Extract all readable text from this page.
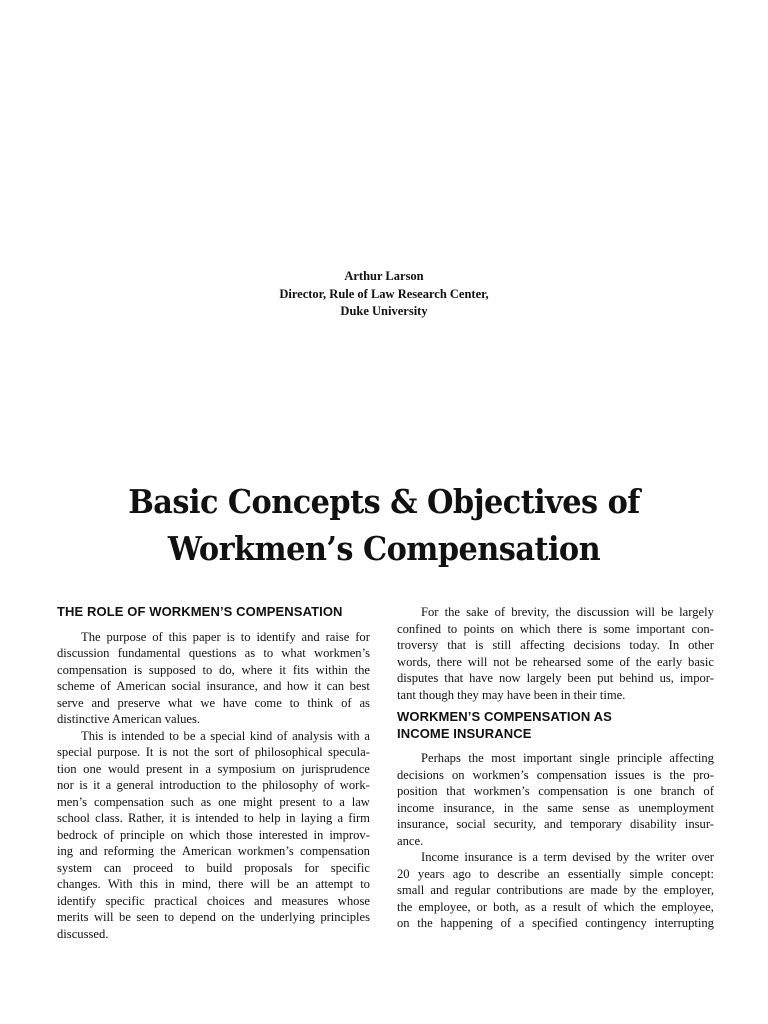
Arthur Larson
Director, Rule of Law Research Center,
Duke University
Basic Concepts & Objectives of
Workmen’s Compensation
THE ROLE OF WORKMEN’S COMPENSATION
The purpose of this paper is to identify and raise for
discussion fundamental questions as to what workmen’s
compensation is supposed to do, where it fits within the
scheme of American social insurance, and how it can best
serve and preserve what we have come to think of as
distinctive American values.
This is intended to be a special kind of analysis with a
special purpose. It is not the sort of philosophical specula-
tion one would present in a symposium on jurisprudence
nor is it a general introduction to the philosophy of work-
men’s compensation such as one might present to a law
school class. Rather, it is intended to help in laying a firm
bedrock of principle on which those interested in improv-
ing and reforming the American workmen’s compensation
system can proceed to build proposals for specific
changes. With this in mind, there will be an attempt to
identify specific practical choices and measures whose
merits will be seen to depend on the underlying principles
discussed.
For the sake of brevity, the discussion will be largely
confined to points on which there is some important con-
troversy that is still affecting decisions today. In other
words, there will not be rehearsed some of the early basic
disputes that have now largely been put behind us, impor-
tant though they may have been in their time.
WORKMEN’S COMPENSATION AS
INCOME INSURANCE
Perhaps the most important single principle affecting
decisions on workmen’s compensation issues is the pro-
position that workmen’s compensation is one branch of
income insurance, in the same sense as unemployment
insurance, social security, and temporary disability insur-
ance.
Income insurance is a term devised by the writer over
20 years ago to describe an essentially simple concept:
small and regular contributions are made by the employer,
the employee, or both, as a result of which the employee,
on the happening of a specified contingency interrupting
